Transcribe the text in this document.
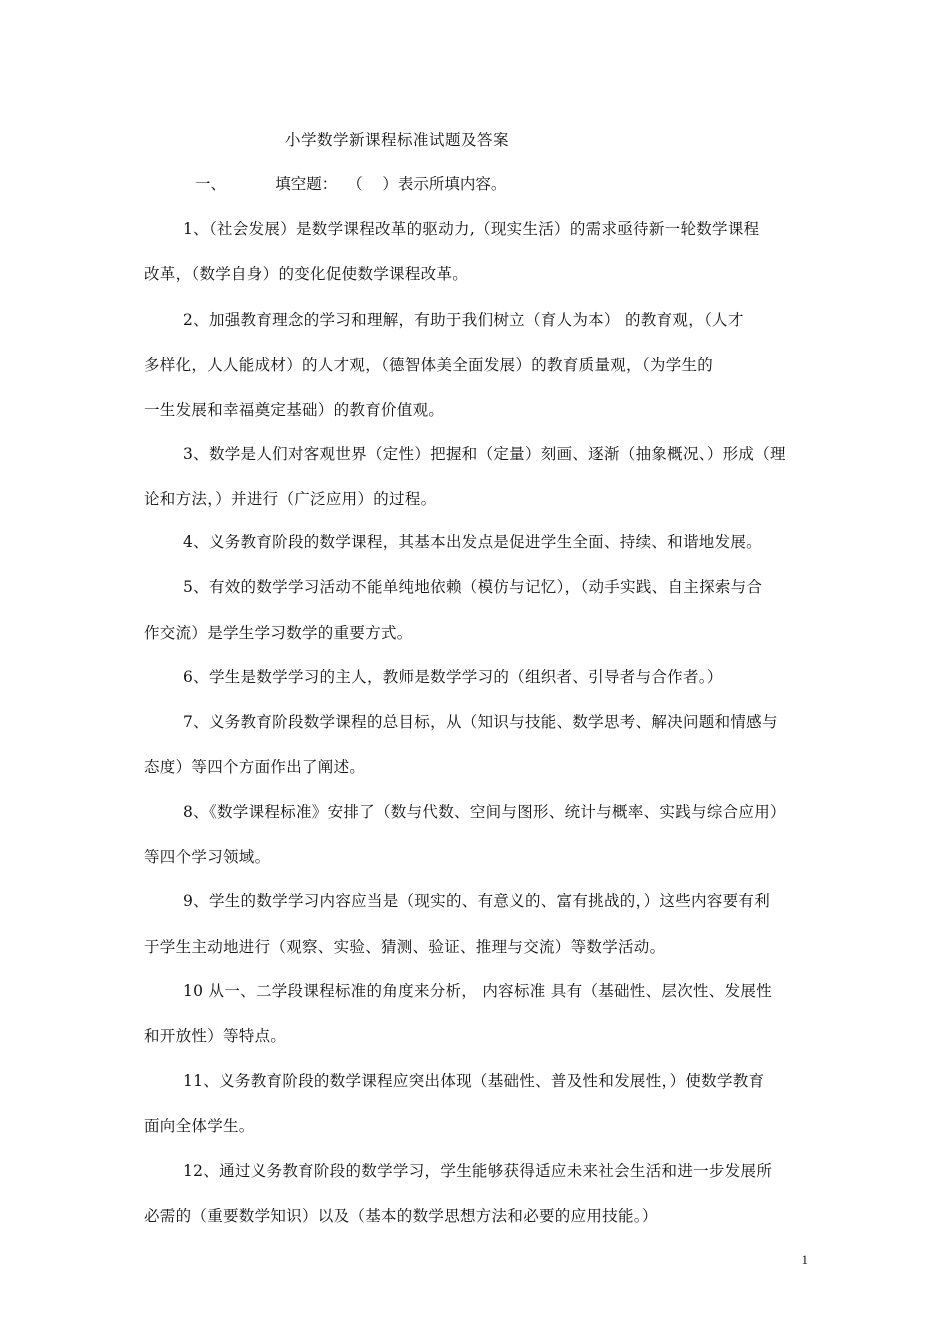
小学数学新课程标准试题及答案
一、          填空题：  （    ）表示所填内容。
1、（社会发展）是数学课程改革的驱动力,（现实生活）的需求亟待新一轮数学课程
改革，（数学自身）的变化促使数学课程改革。
2、加强教育理念的学习和理解，有助于我们树立（育人为本） 的教育观，（人才
多样化，人人能成材）的人才观，（德智体美全面发展）的教育质量观，（为学生的
一生发展和幸福奠定基础）的教育价值观。
3、数学是人们对客观世界（定性）把握和（定量）刻画、逐渐（抽象概况、）形成（理
论和方法，）并进行（广泛应用）的过程。
4、义务教育阶段的数学课程，其基本出发点是促进学生全面、持续、和谐地发展。
5、有效的数学学习活动不能单纯地依赖（模仿与记忆），（动手实践、自主探索与合
作交流）是学生学习数学的重要方式。
6、学生是数学学习的主人，教师是数学学习的（组织者、引导者与合作者。）
7、义务教育阶段数学课程的总目标，从（知识与技能、数学思考、解决问题和情感与
态度）等四个方面作出了阐述。
8、《数学课程标准》安排了（数与代数、空间与图形、统计与概率、实践与综合应用）
等四个学习领域。
9、学生的数学学习内容应当是（现实的、有意义的、富有挑战的，）这些内容要有利
于学生主动地进行（观察、实验、猜测、验证、推理与交流）等数学活动。
10 从一、二学段课程标准的角度来分析， 内容标准 具有（基础性、层次性、发展性
和开放性）等特点。
11、义务教育阶段的数学课程应突出体现（基础性、普及性和发展性，）使数学教育
面向全体学生。
12、通过义务教育阶段的数学学习，学生能够获得适应未来社会生活和进一步发展所
必需的（重要数学知识）以及（基本的数学思想方法和必要的应用技能。）
1
